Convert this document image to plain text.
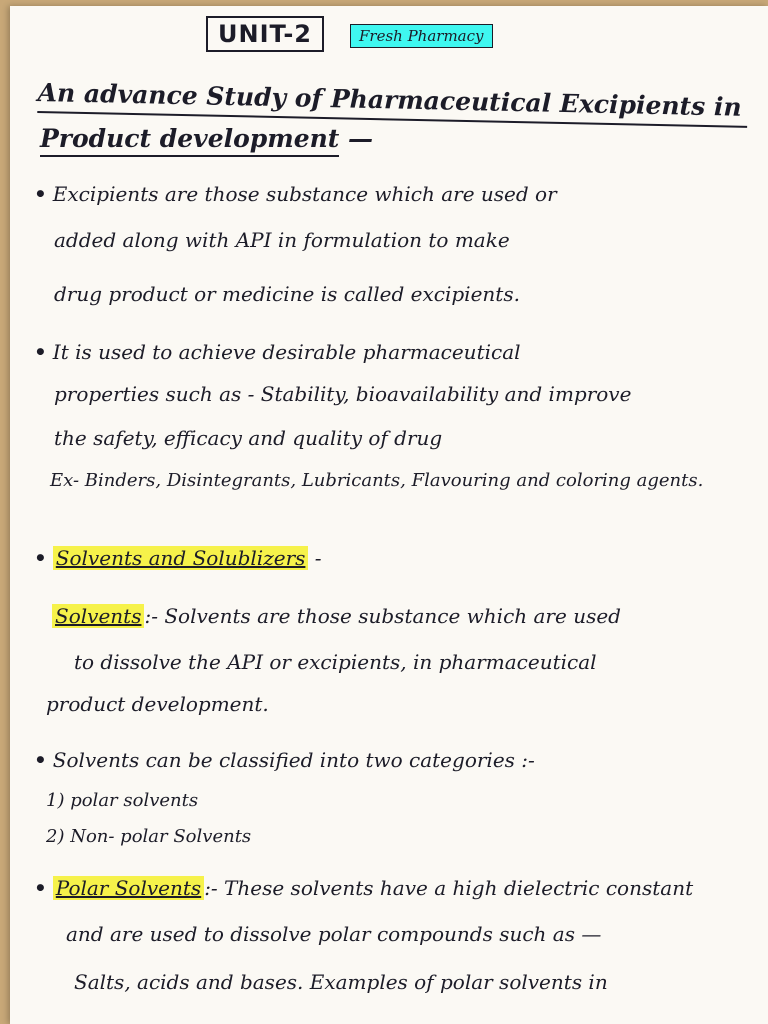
UNIT-2	Fresh Pharmacy
An advance Study of Pharmaceutical Excipients in
Product development —
• Excipients are those substance which are used or
added along with API in formulation to make
drug product or medicine is called excipients.
• It is used to achieve desirable pharmaceutical
properties such as - Stability, bioavailability and improve
the safety, efficacy and quality of drug
Ex- Binders, Disintegrants, Lubricants, Flavouring and coloring agents.
• Solvents and Solublizers -
Solvents :- Solvents are those substance which are used
to dissolve the API or excipients, in pharmaceutical
product development.
• Solvents can be classified into two categories :-
1) polar solvents
2) Non- polar Solvents
• Polar Solvents :- These solvents have a high dielectric constant
and are used to dissolve polar compounds such as —
Salts, acids and bases. Examples of polar solvents in
